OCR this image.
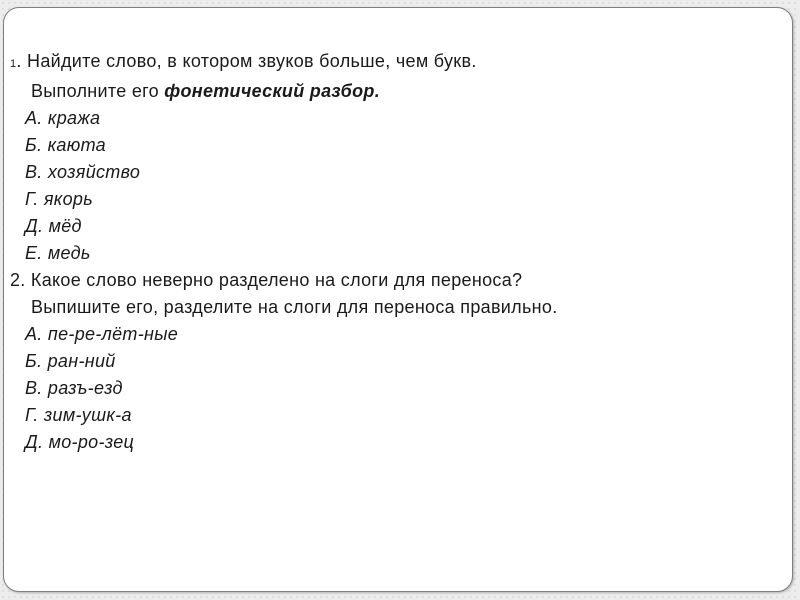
1. Найдите слово, в котором звуков больше, чем букв.
Выполните его фонетический разбор.
А. кража
Б. каюта
В. хозяйство
Г. якорь
Д. мёд
Е. медь
2. Какое слово неверно разделено на слоги для переноса?
Выпишите его, разделите на слоги для переноса правильно.
А. пе-ре-лёт-ные
Б. ран-ний
В. разъ-езд
Г. зим-ушк-а
Д. мо-ро-зец
